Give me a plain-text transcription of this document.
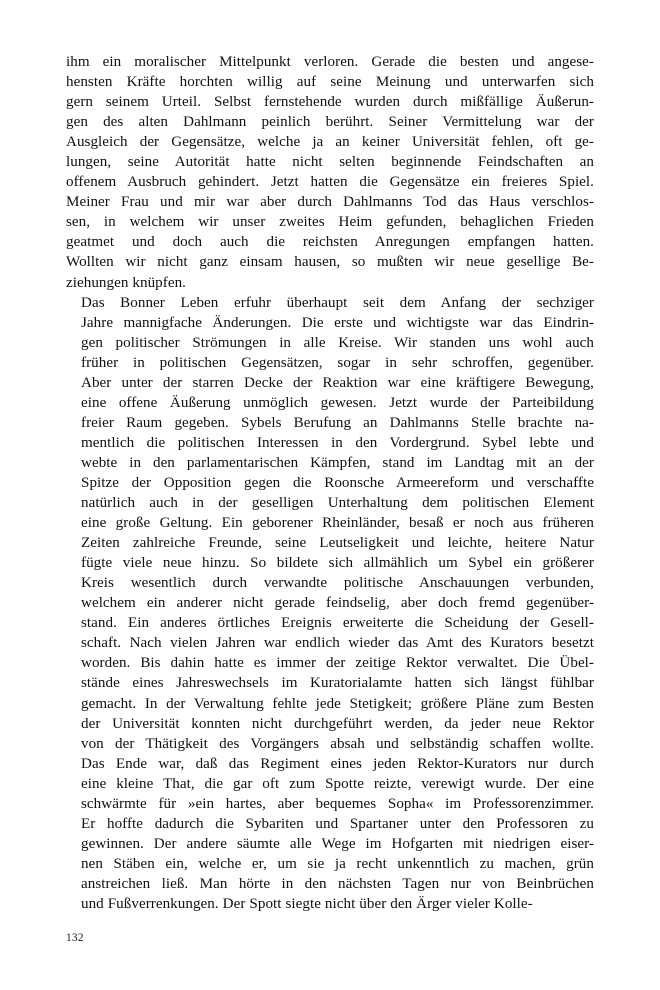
ihm ein moralischer Mittelpunkt verloren. Gerade die besten und angese-
hensten Kräfte horchten willig auf seine Meinung und unterwarfen sich
gern seinem Urteil. Selbst fernstehende wurden durch mißfällige Äußerun-
gen des alten Dahlmann peinlich berührt. Seiner Vermittelung war der
Ausgleich der Gegensätze, welche ja an keiner Universität fehlen, oft ge-
lungen, seine Autorität hatte nicht selten beginnende Feindschaften an
offenem Ausbruch gehindert. Jetzt hatten die Gegensätze ein freieres Spiel.
Meiner Frau und mir war aber durch Dahlmanns Tod das Haus verschlos-
sen, in welchem wir unser zweites Heim gefunden, behaglichen Frieden
geatmet und doch auch die reichsten Anregungen empfangen hatten.
Wollten wir nicht ganz einsam hausen, so mußten wir neue gesellige Be-
ziehungen knüpfen.

Das Bonner Leben erfuhr überhaupt seit dem Anfang der sechziger
Jahre mannigfache Änderungen. Die erste und wichtigste war das Eindrin-
gen politischer Strömungen in alle Kreise. Wir standen uns wohl auch
früher in politischen Gegensätzen, sogar in sehr schroffen, gegenüber.
Aber unter der starren Decke der Reaktion war eine kräftigere Bewegung,
eine offene Äußerung unmöglich gewesen. Jetzt wurde der Parteibildung
freier Raum gegeben. Sybels Berufung an Dahlmanns Stelle brachte na-
mentlich die politischen Interessen in den Vordergrund. Sybel lebte und
webte in den parlamentarischen Kämpfen, stand im Landtag mit an der
Spitze der Opposition gegen die Roonsche Armeereform und verschaffte
natürlich auch in der geselligen Unterhaltung dem politischen Element
eine große Geltung. Ein geborener Rheinländer, besaß er noch aus früheren
Zeiten zahlreiche Freunde, seine Leutseligkeit und leichte, heitere Natur
fügte viele neue hinzu. So bildete sich allmählich um Sybel ein größerer
Kreis wesentlich durch verwandte politische Anschauungen verbunden,
welchem ein anderer nicht gerade feindselig, aber doch fremd gegenüber-
stand. Ein anderes örtliches Ereignis erweiterte die Scheidung der Gesell-
schaft. Nach vielen Jahren war endlich wieder das Amt des Kurators besetzt
worden. Bis dahin hatte es immer der zeitige Rektor verwaltet. Die Übel-
stände eines Jahreswechsels im Kuratorialamte hatten sich längst fühlbar
gemacht. In der Verwaltung fehlte jede Stetigkeit; größere Pläne zum Besten
der Universität konnten nicht durchgeführt werden, da jeder neue Rektor
von der Thätigkeit des Vorgängers absah und selbständig schaffen wollte.
Das Ende war, daß das Regiment eines jeden Rektor-Kurators nur durch
eine kleine That, die gar oft zum Spotte reizte, verewigt wurde. Der eine
schwärmte für »ein hartes, aber bequemes Sopha« im Professorenzimmer.
Er hoffte dadurch die Sybariten und Spartaner unter den Professoren zu
gewinnen. Der andere säumte alle Wege im Hofgarten mit niedrigen eiser-
nen Stäben ein, welche er, um sie ja recht unkenntlich zu machen, grün
anstreichen ließ. Man hörte in den nächsten Tagen nur von Beinbrüchen
und Fußverrenkungen. Der Spott siegte nicht über den Ärger vieler Kolle-

132
